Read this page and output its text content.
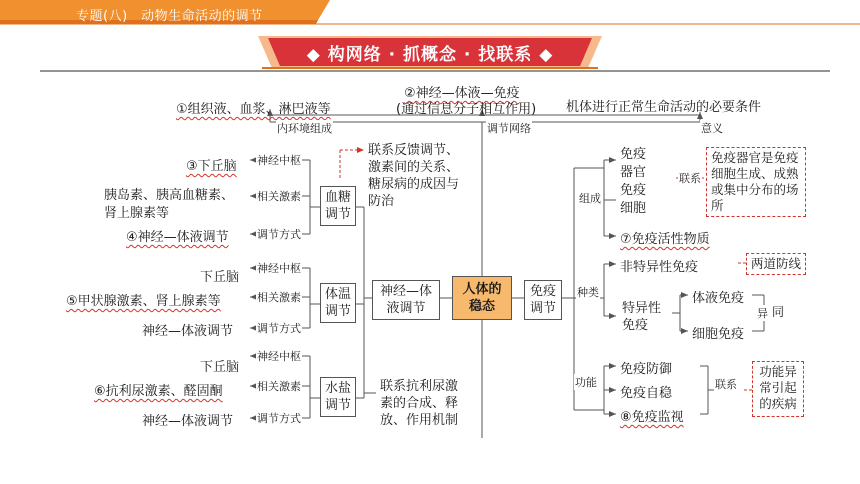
专题(八)　动物生命活动的调节
◆ 构网络 · 抓概念 · 找联系 ◆
①组织液、血浆、淋巴液等
②神经—体液—免疫
(通过信息分子相互作用) 机体进行正常生命活动的必要条件
内环境组成	调节网络	意义
人体的
稳态
神经—体
液调节
血糖
调节
神经中枢
相关激素
调节方式
③下丘脑
胰岛素、胰高血糖素、
肾上腺素等
④神经—体液调节
联系反馈调节、
激素间的关系、
糖尿病的成因与
防治
体温
调节
神经中枢
相关激素
调节方式
下丘脑
⑤甲状腺激素、肾上腺素等
神经—体液调节
水盐
调节
神经中枢
相关激素
调节方式
下丘脑
⑥抗利尿激素、醛固酮
神经—体液调节
联系抗利尿激
素的合成、释
放、作用机制
免疫
调节
组成
种类
功能
免疫
器官
免疫
细胞
联系
免疫器官是免疫细胞生成、成熟或集中分布的场所
⑦免疫活性物质
非特异性免疫	两道防线
特异性
免疫
体液免疫
细胞免疫
异 同
免疫防御
免疫自稳
⑧免疫监视
联系
功能异
常引起
的疾病
